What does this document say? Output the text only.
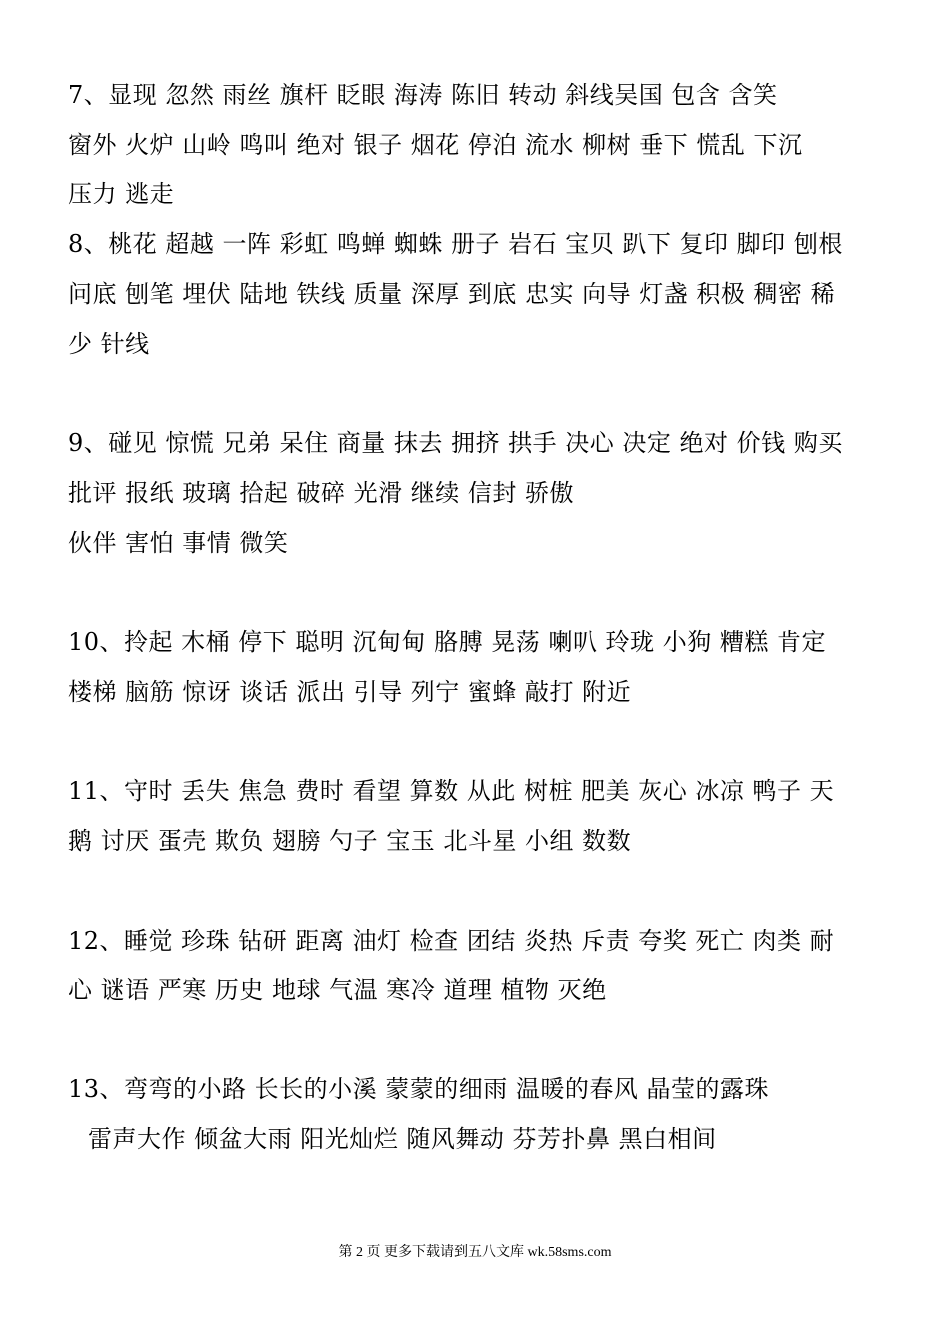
7、显现 忽然 雨丝 旗杆 眨眼 海涛 陈旧 转动 斜线吴国 包含 含笑
窗外 火炉 山岭 鸣叫 绝对 银子 烟花 停泊 流水 柳树 垂下 慌乱 下沉
压力 逃走
8、桃花 超越 一阵 彩虹 鸣蝉 蜘蛛 册子 岩石 宝贝 趴下 复印 脚印 刨根
问底 刨笔 埋伏 陆地 铁线 质量 深厚 到底 忠实 向导 灯盏 积极 稠密 稀
少 针线
9、碰见 惊慌 兄弟 呆住 商量 抹去 拥挤 拱手 决心 决定 绝对 价钱 购买
批评 报纸 玻璃 拾起 破碎 光滑 继续 信封 骄傲
伙伴 害怕 事情 微笑
10、拎起 木桶 停下 聪明 沉甸甸 胳膊 晃荡 喇叭 玲珑 小狗 糟糕 肯定
楼梯 脑筋 惊讶 谈话 派出 引导 列宁 蜜蜂 敲打 附近
11、守时 丢失 焦急 费时 看望 算数 从此 树桩 肥美 灰心 冰凉 鸭子 天
鹅 讨厌 蛋壳 欺负 翅膀 勺子 宝玉 北斗星 小组 数数
12、睡觉 珍珠 钻研 距离 油灯 检查 团结 炎热 斥责 夸奖 死亡 肉类 耐
心 谜语 严寒 历史 地球 气温 寒冷 道理 植物 灭绝
13、弯弯的小路 长长的小溪 蒙蒙的细雨 温暖的春风 晶莹的露珠
雷声大作 倾盆大雨 阳光灿烂 随风舞动 芬芳扑鼻 黑白相间
第 2 页 更多下载请到五八文库 wk.58sms.com
